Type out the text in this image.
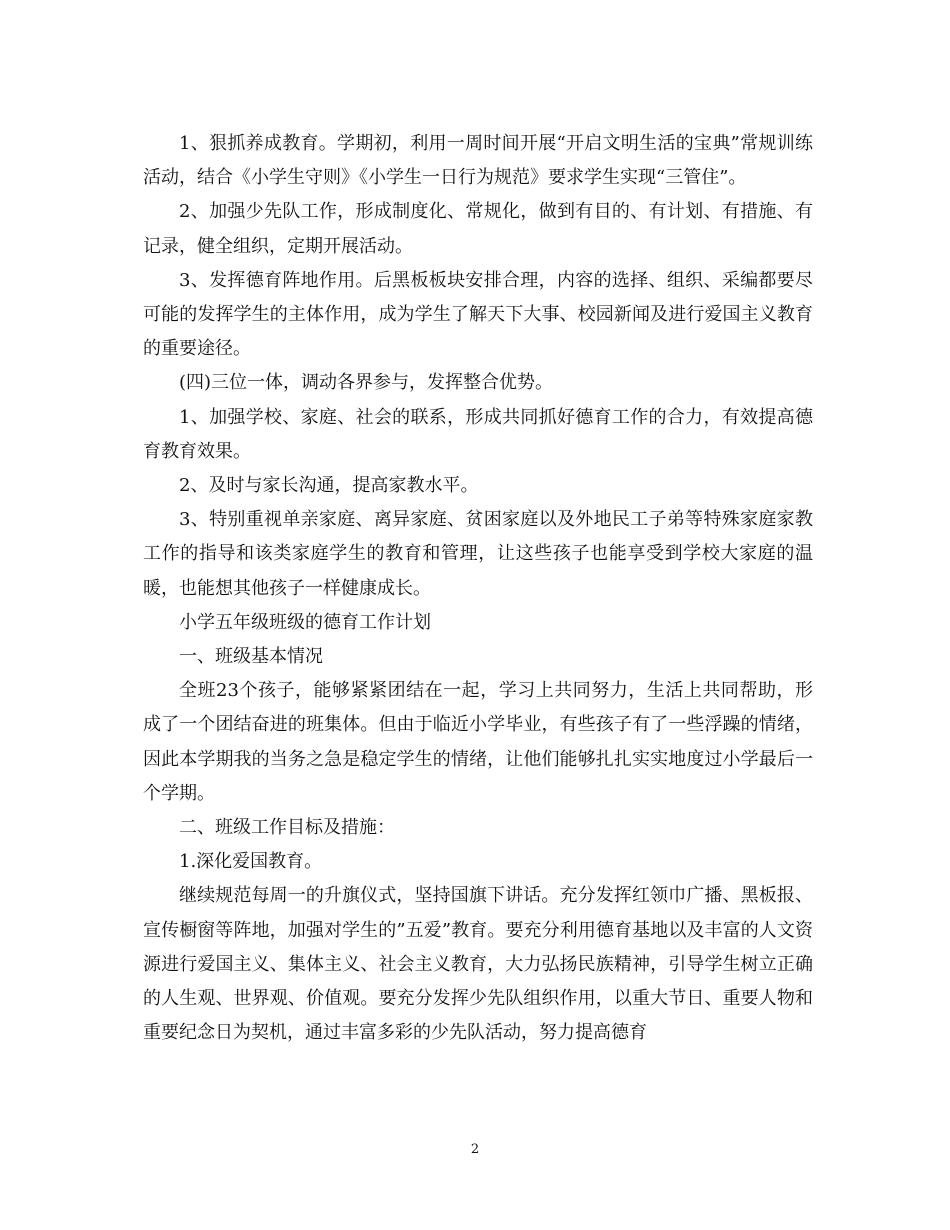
1、狠抓养成教育。学期初，利用一周时间开展“开启文明生活的宝典”常规训练活动，结合《小学生守则》《小学生一日行为规范》要求学生实现“三管住”。

2、加强少先队工作，形成制度化、常规化，做到有目的、有计划、有措施、有记录，健全组织，定期开展活动。

3、发挥德育阵地作用。后黑板板块安排合理，内容的选择、组织、采编都要尽可能的发挥学生的主体作用，成为学生了解天下大事、校园新闻及进行爱国主义教育的重要途径。

(四)三位一体，调动各界参与，发挥整合优势。

1、加强学校、家庭、社会的联系，形成共同抓好德育工作的合力，有效提高德育教育效果。

2、及时与家长沟通，提高家教水平。

3、特别重视单亲家庭、离异家庭、贫困家庭以及外地民工子弟等特殊家庭家教工作的指导和该类家庭学生的教育和管理，让这些孩子也能享受到学校大家庭的温暖，也能想其他孩子一样健康成长。

小学五年级班级的德育工作计划

一、班级基本情况

全班23个孩子，能够紧紧团结在一起，学习上共同努力，生活上共同帮助，形成了一个团结奋进的班集体。但由于临近小学毕业，有些孩子有了一些浮躁的情绪，因此本学期我的当务之急是稳定学生的情绪，让他们能够扎扎实实地度过小学最后一个学期。

二、班级工作目标及措施：

1.深化爱国教育。

继续规范每周一的升旗仪式，坚持国旗下讲话。充分发挥红领巾广播、黑板报、宣传橱窗等阵地，加强对学生的”五爱”教育。要充分利用德育基地以及丰富的人文资源进行爱国主义、集体主义、社会主义教育，大力弘扬民族精神，引导学生树立正确的人生观、世界观、价值观。要充分发挥少先队组织作用，以重大节日、重要人物和重要纪念日为契机，通过丰富多彩的少先队活动，努力提高德育

2
